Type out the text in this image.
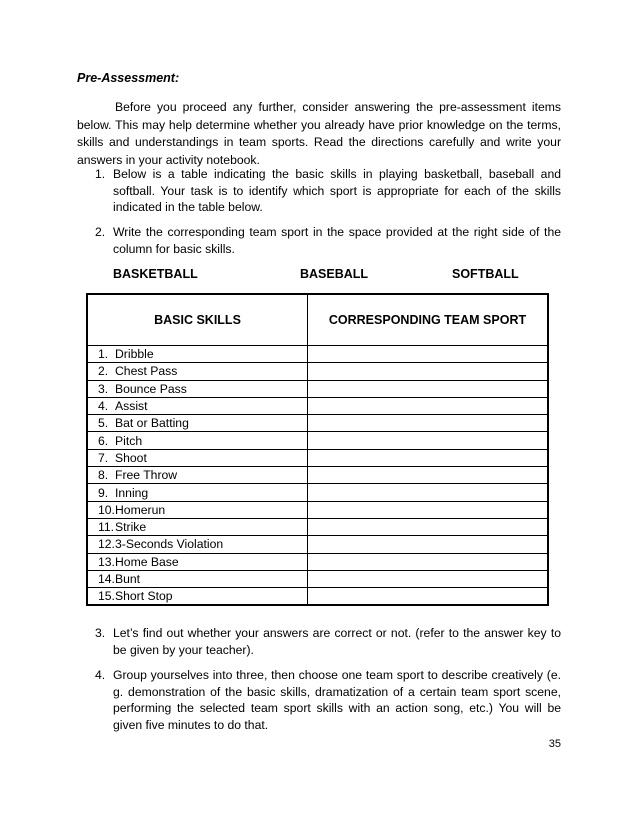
Pre-Assessment:
Before you proceed any further, consider answering the pre-assessment items below. This may help determine whether you already have prior knowledge on the terms, skills and understandings in team sports. Read the directions carefully and write your answers in your activity notebook.
1. Below is a table indicating the basic skills in playing basketball, baseball and softball. Your task is to identify which sport is appropriate for each of the skills indicated in the table below.
2. Write the corresponding team sport in the space provided at the right side of the column for basic skills.
BASKETBALL	BASEBALL	SOFTBALL
BASIC SKILLS	CORRESPONDING TEAM SPORT
1. Dribble	
2. Chest Pass	
3. Bounce Pass	
4. Assist	
5. Bat or Batting	
6. Pitch	
7. Shoot	
8. Free Throw	
9. Inning	
10.Homerun	
11.Strike	
12.3-Seconds Violation	
13.Home Base	
14.Bunt	
15.Short Stop	
3. Let’s find out whether your answers are correct or not. (refer to the answer key to be given by your teacher).
4. Group yourselves into three, then choose one team sport to describe creatively (e. g. demonstration of the basic skills, dramatization of a certain team sport scene, performing the selected team sport skills with an action song, etc.) You will be given five minutes to do that.
35
